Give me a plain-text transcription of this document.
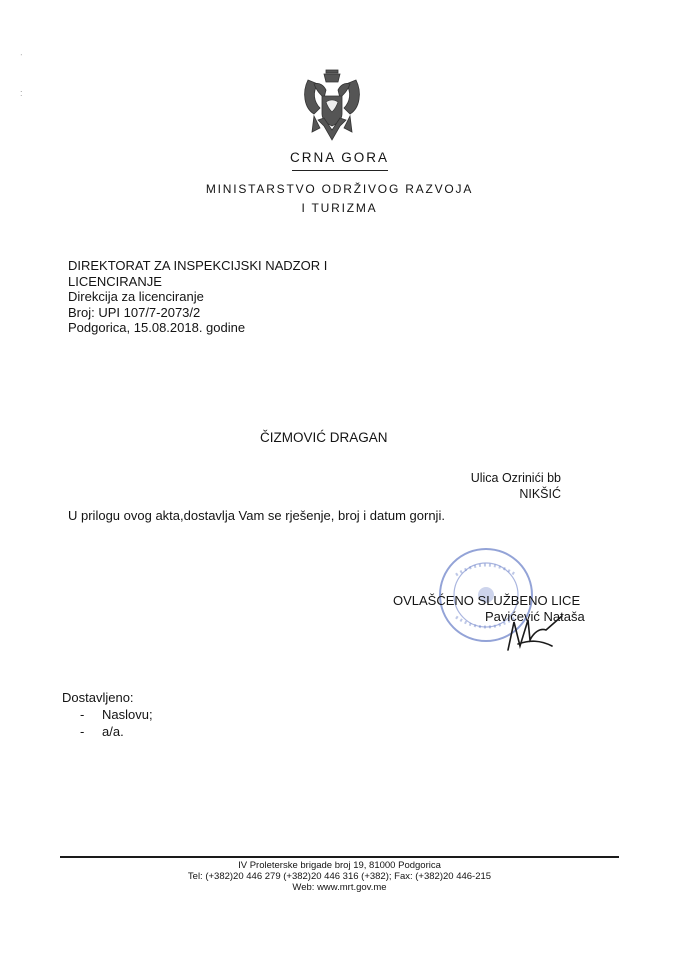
ᐧ
:
CRNA GORA
MINISTARSTVO ODRŽIVOG RAZVOJA
I TURIZMA
DIREKTORAT ZA INSPEKCIJSKI NADZOR I
LICENCIRANJE
Direkcija za licenciranje
Broj: UPI 107/7-2073/2
Podgorica, 15.08.2018. godine
ČIZMOVIĆ DRAGAN
Ulica Ozrinići bb
NIKŠIĆ
U prilogu ovog akta,dostavlja Vam se rješenje, broj i datum gornji.
OVLAŠĆENO SLUŽBENO LICE
Pavićević Nataša
Dostavljeno:
-	Naslovu;
-	a/a.
IV Proleterske brigade broj 19, 81000 Podgorica
Tel: (+382)20 446 279 (+382)20 446 316 (+382); Fax: (+382)20 446-215
Web: www.mrt.gov.me
